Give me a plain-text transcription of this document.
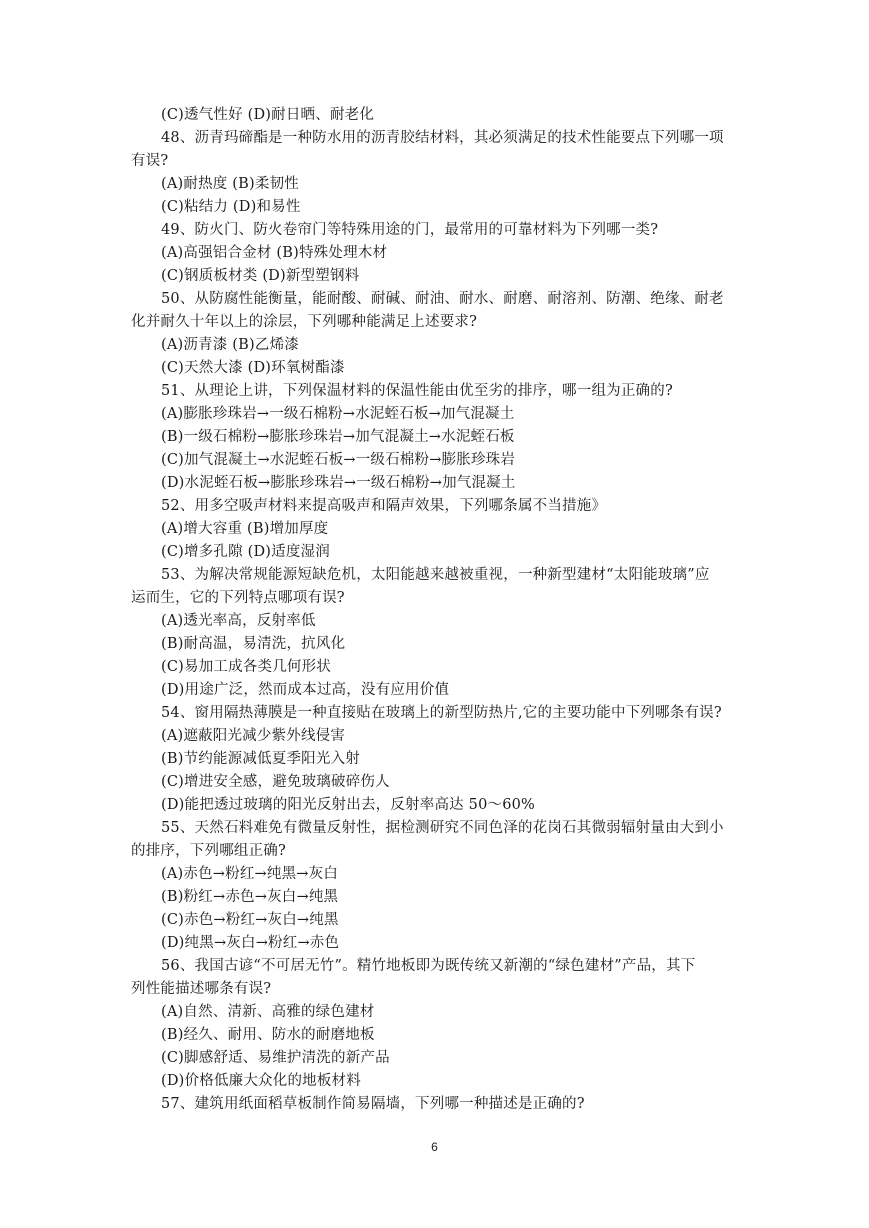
(C)透气性好 (D)耐日晒、耐老化
48、沥青玛碲酯是一种防水用的沥青胶结材料，其必须满足的技术性能要点下列哪一项
有误?
(A)耐热度 (B)柔韧性
(C)粘结力 (D)和易性
49、防火门、防火卷帘门等特殊用途的门，最常用的可靠材料为下列哪一类?
(A)高强铝合金材 (B)特殊处理木材
(C)钢质板材类 (D)新型塑钢料
50、从防腐性能衡量，能耐酸、耐碱、耐油、耐水、耐磨、耐溶剂、防潮、绝缘、耐老
化并耐久十年以上的涂层，下列哪种能满足上述要求?
(A)沥青漆 (B)乙烯漆
(C)天然大漆 (D)环氧树酯漆
51、从理论上讲，下列保温材料的保温性能由优至劣的排序，哪一组为正确的?
(A)膨胀珍珠岩→一级石棉粉→水泥蛭石板→加气混凝土
(B)一级石棉粉→膨胀珍珠岩→加气混凝土→水泥蛭石板
(C)加气混凝土→水泥蛭石板→一级石棉粉→膨胀珍珠岩
(D)水泥蛭石板→膨胀珍珠岩→一级石棉粉→加气混凝土
52、用多空吸声材料来提高吸声和隔声效果，下列哪条属不当措施》
(A)增大容重 (B)增加厚度
(C)增多孔隙 (D)适度湿润
53、为解决常规能源短缺危机，太阳能越来越被重视，一种新型建材“太阳能玻璃”应
运而生，它的下列特点哪项有误?
(A)透光率高，反射率低
(B)耐高温，易清洗，抗风化
(C)易加工成各类几何形状
(D)用途广泛，然而成本过高，没有应用价值
54、窗用隔热薄膜是一种直接贴在玻璃上的新型防热片,它的主要功能中下列哪条有误?
(A)遮蔽阳光减少紫外线侵害
(B)节约能源减低夏季阳光入射
(C)增进安全感，避免玻璃破碎伤人
(D)能把透过玻璃的阳光反射出去，反射率高达 50～60%
55、天然石料难免有微量反射性，据检测研究不同色泽的花岗石其微弱辐射量由大到小
的排序，下列哪组正确?
(A)赤色→粉红→纯黑→灰白
(B)粉红→赤色→灰白→纯黑
(C)赤色→粉红→灰白→纯黑
(D)纯黑→灰白→粉红→赤色
56、我国古谚“不可居无竹”。精竹地板即为既传统又新潮的“绿色建材”产品，其下
列性能描述哪条有误?
(A)自然、清新、高雅的绿色建材
(B)经久、耐用、防水的耐磨地板
(C)脚感舒适、易维护清洗的新产品
(D)价格低廉大众化的地板材料
57、建筑用纸面稻草板制作简易隔墙，下列哪一种描述是正确的?
6
